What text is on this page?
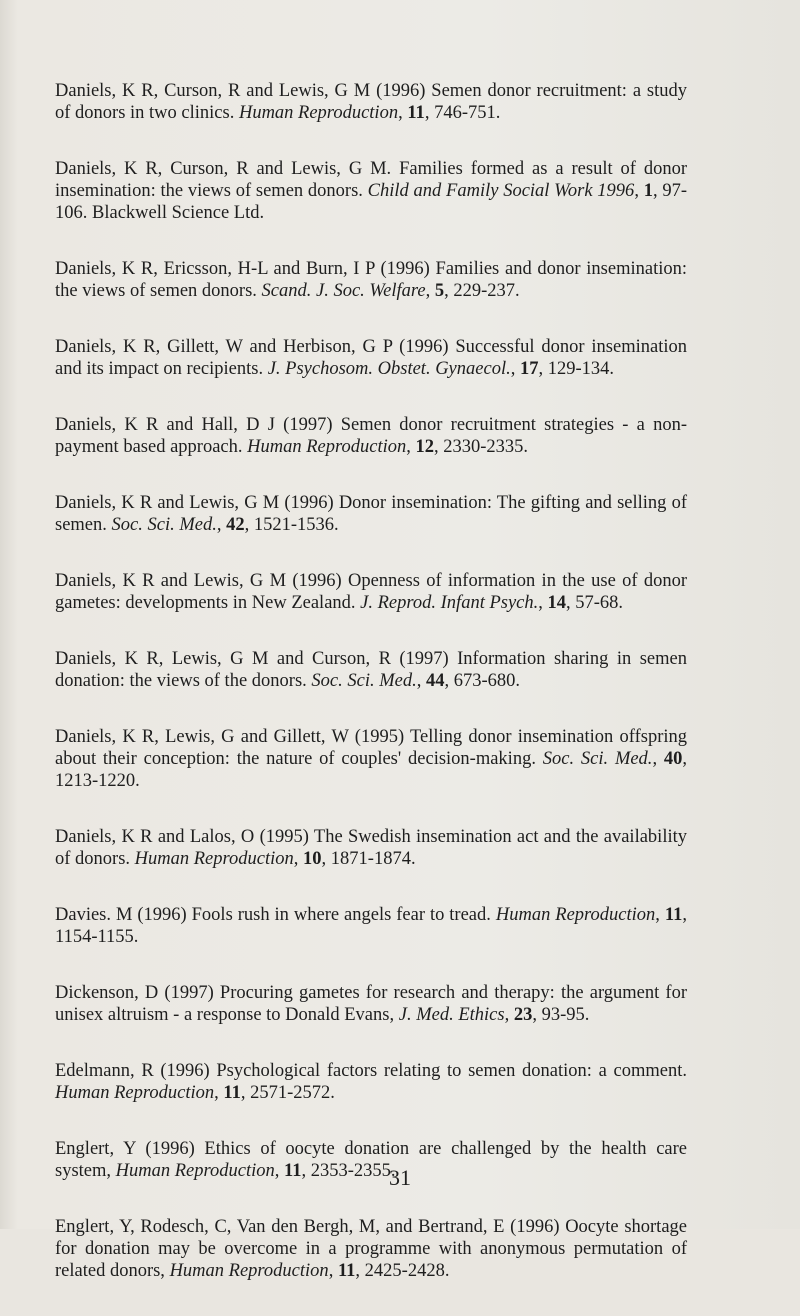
Daniels, K R, Curson, R and Lewis, G M (1996) Semen donor recruitment: a study of donors in two clinics. Human Reproduction, 11, 746-751.

Daniels, K R, Curson, R and Lewis, G M. Families formed as a result of donor insemination: the views of semen donors. Child and Family Social Work 1996, 1, 97-106. Blackwell Science Ltd.

Daniels, K R, Ericsson, H-L and Burn, I P (1996) Families and donor insemination: the views of semen donors. Scand. J. Soc. Welfare, 5, 229-237.

Daniels, K R, Gillett, W and Herbison, G P (1996) Successful donor insemination and its impact on recipients. J. Psychosom. Obstet. Gynaecol., 17, 129-134.

Daniels, K R and Hall, D J (1997) Semen donor recruitment strategies - a non-payment based approach. Human Reproduction, 12, 2330-2335.

Daniels, K R and Lewis, G M (1996) Donor insemination: The gifting and selling of semen. Soc. Sci. Med., 42, 1521-1536.

Daniels, K R and Lewis, G M (1996) Openness of information in the use of donor gametes: developments in New Zealand. J. Reprod. Infant Psych., 14, 57-68.

Daniels, K R, Lewis, G M and Curson, R (1997) Information sharing in semen donation: the views of the donors. Soc. Sci. Med., 44, 673-680.

Daniels, K R, Lewis, G and Gillett, W (1995) Telling donor insemination offspring about their conception: the nature of couples' decision-making. Soc. Sci. Med., 40, 1213-1220.

Daniels, K R and Lalos, O (1995) The Swedish insemination act and the availability of donors. Human Reproduction, 10, 1871-1874.

Davies. M (1996) Fools rush in where angels fear to tread. Human Reproduction, 11, 1154-1155.

Dickenson, D (1997) Procuring gametes for research and therapy: the argument for unisex altruism - a response to Donald Evans, J. Med. Ethics, 23, 93-95.

Edelmann, R (1996) Psychological factors relating to semen donation: a comment. Human Reproduction, 11, 2571-2572.

Englert, Y (1996) Ethics of oocyte donation are challenged by the health care system, Human Reproduction, 11, 2353-2355.

Englert, Y, Rodesch, C, Van den Bergh, M, and Bertrand, E (1996) Oocyte shortage for donation may be overcome in a programme with anonymous permutation of related donors, Human Reproduction, 11, 2425-2428.

31
